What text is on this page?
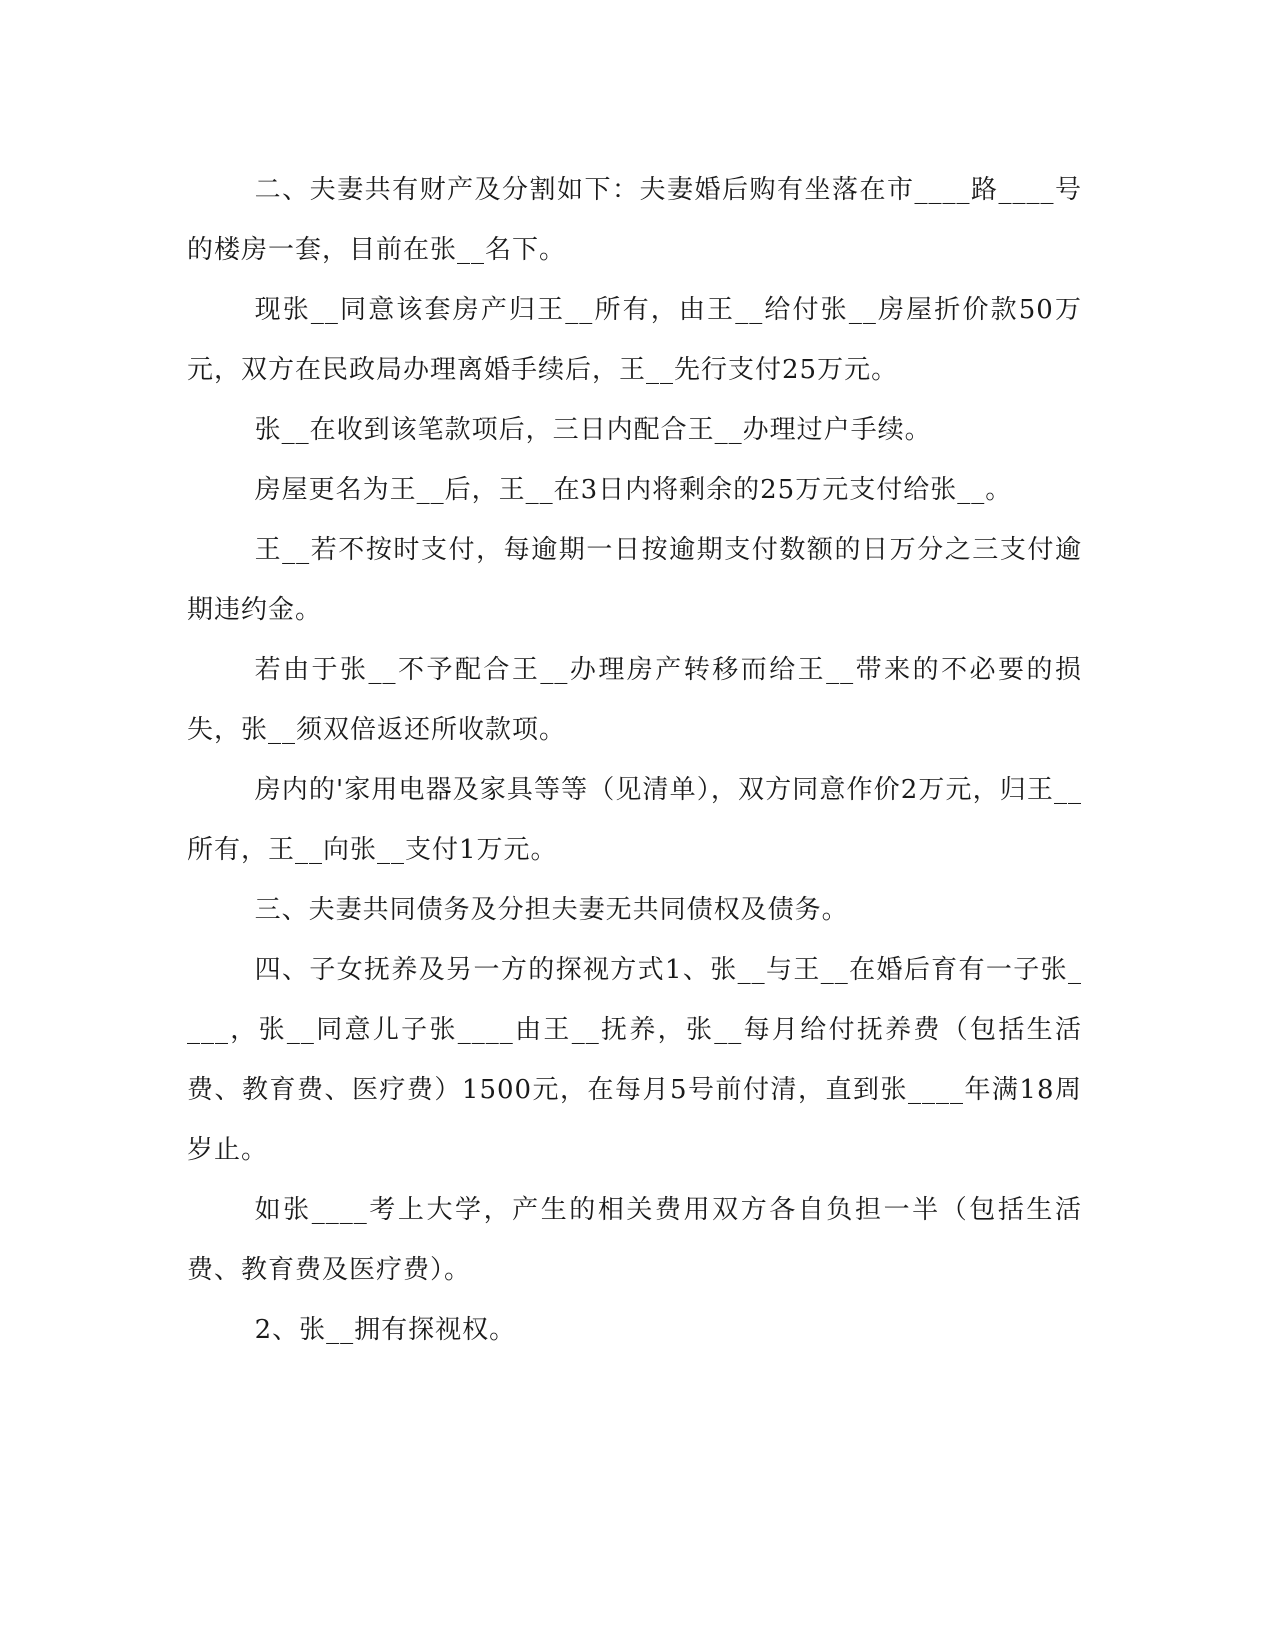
二、夫妻共有财产及分割如下：夫妻婚后购有坐落在市____路____号的楼房一套，目前在张__名下。

现张__同意该套房产归王__所有，由王__给付张__房屋折价款50万元，双方在民政局办理离婚手续后，王__先行支付25万元。

张__在收到该笔款项后，三日内配合王__办理过户手续。

房屋更名为王__后，王__在3日内将剩余的25万元支付给张__。

王__若不按时支付，每逾期一日按逾期支付数额的日万分之三支付逾期违约金。

若由于张__不予配合王__办理房产转移而给王__带来的不必要的损失，张__须双倍返还所收款项。

房内的'家用电器及家具等等（见清单），双方同意作价2万元，归王__所有，王__向张__支付1万元。

三、夫妻共同债务及分担夫妻无共同债权及债务。

四、子女抚养及另一方的探视方式1、张__与王__在婚后育有一子张____，张__同意儿子张____由王__抚养，张__每月给付抚养费（包括生活费、教育费、医疗费）1500元，在每月5号前付清，直到张____年满18周岁止。

如张____考上大学，产生的相关费用双方各自负担一半（包括生活费、教育费及医疗费）。

2、张__拥有探视权。
